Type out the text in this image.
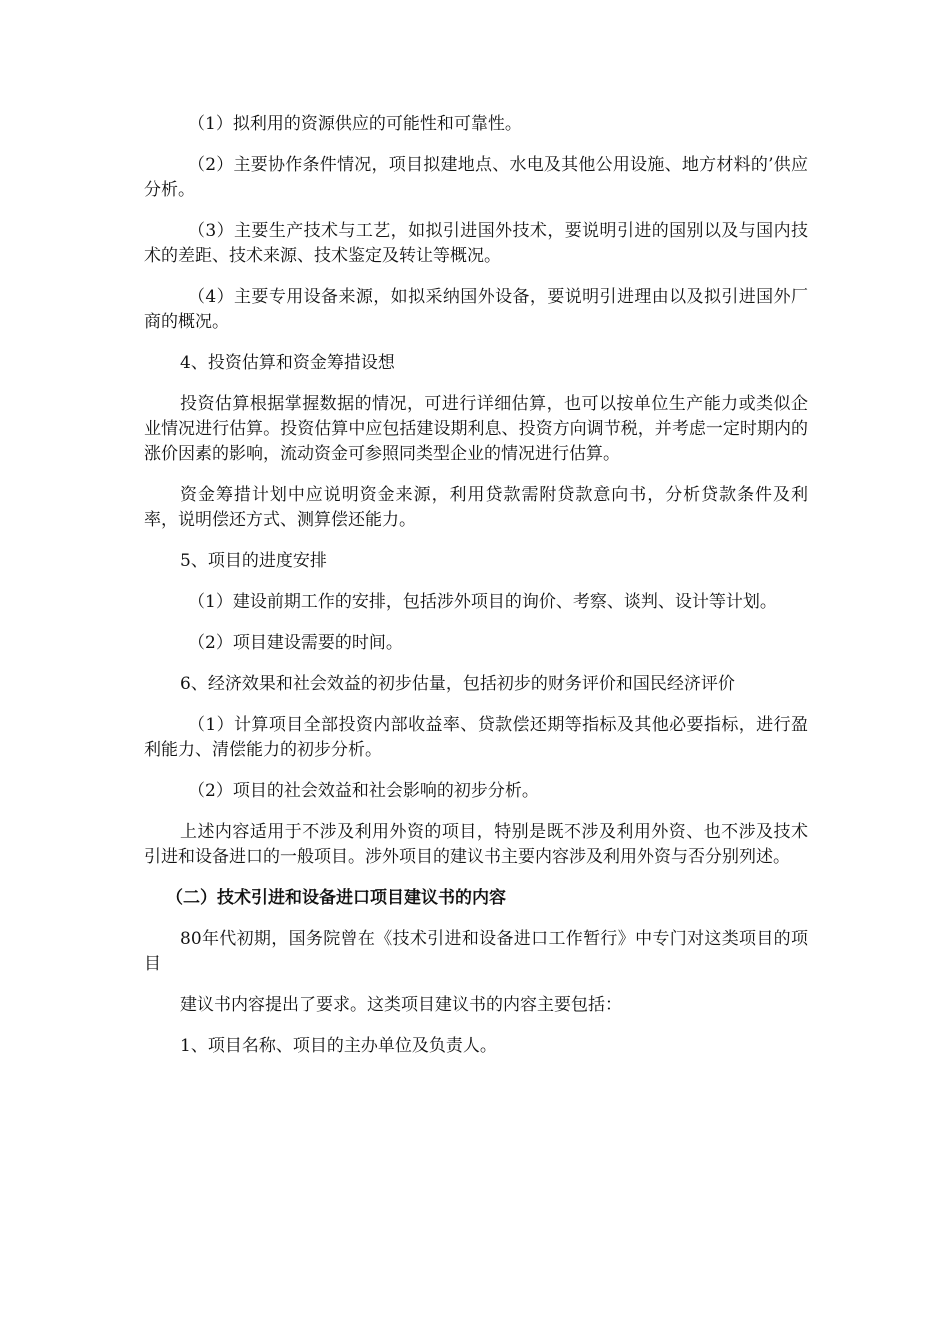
（1）拟利用的资源供应的可能性和可靠性。

（2）主要协作条件情况，项目拟建地点、水电及其他公用设施、地方材料的’供应分析。

（3）主要生产技术与工艺，如拟引进国外技术，要说明引进的国别以及与国内技术的差距、技术来源、技术鉴定及转让等概况。

（4）主要专用设备来源，如拟采纳国外设备，要说明引进理由以及拟引进国外厂商的概况。

4、投资估算和资金筹措设想

投资估算根据掌握数据的情况，可进行详细估算，也可以按单位生产能力或类似企业情况进行估算。投资估算中应包括建设期利息、投资方向调节税，并考虑一定时期内的涨价因素的影响，流动资金可参照同类型企业的情况进行估算。

资金筹措计划中应说明资金来源，利用贷款需附贷款意向书，分析贷款条件及利率，说明偿还方式、测算偿还能力。

5、项目的进度安排

（1）建设前期工作的安排，包括涉外项目的询价、考察、谈判、设计等计划。

（2）项目建设需要的时间。

6、经济效果和社会效益的初步估量，包括初步的财务评价和国民经济评价

（1）计算项目全部投资内部收益率、贷款偿还期等指标及其他必要指标，进行盈利能力、清偿能力的初步分析。

（2）项目的社会效益和社会影响的初步分析。

上述内容适用于不涉及利用外资的项目，特别是既不涉及利用外资、也不涉及技术引进和设备进口的一般项目。涉外项目的建议书主要内容涉及利用外资与否分别列述。

（二）技术引进和设备进口项目建议书的内容

80年代初期，国务院曾在《技术引进和设备进口工作暂行》中专门对这类项目的项目

建议书内容提出了要求。这类项目建议书的内容主要包括：

1、项目名称、项目的主办单位及负责人。
